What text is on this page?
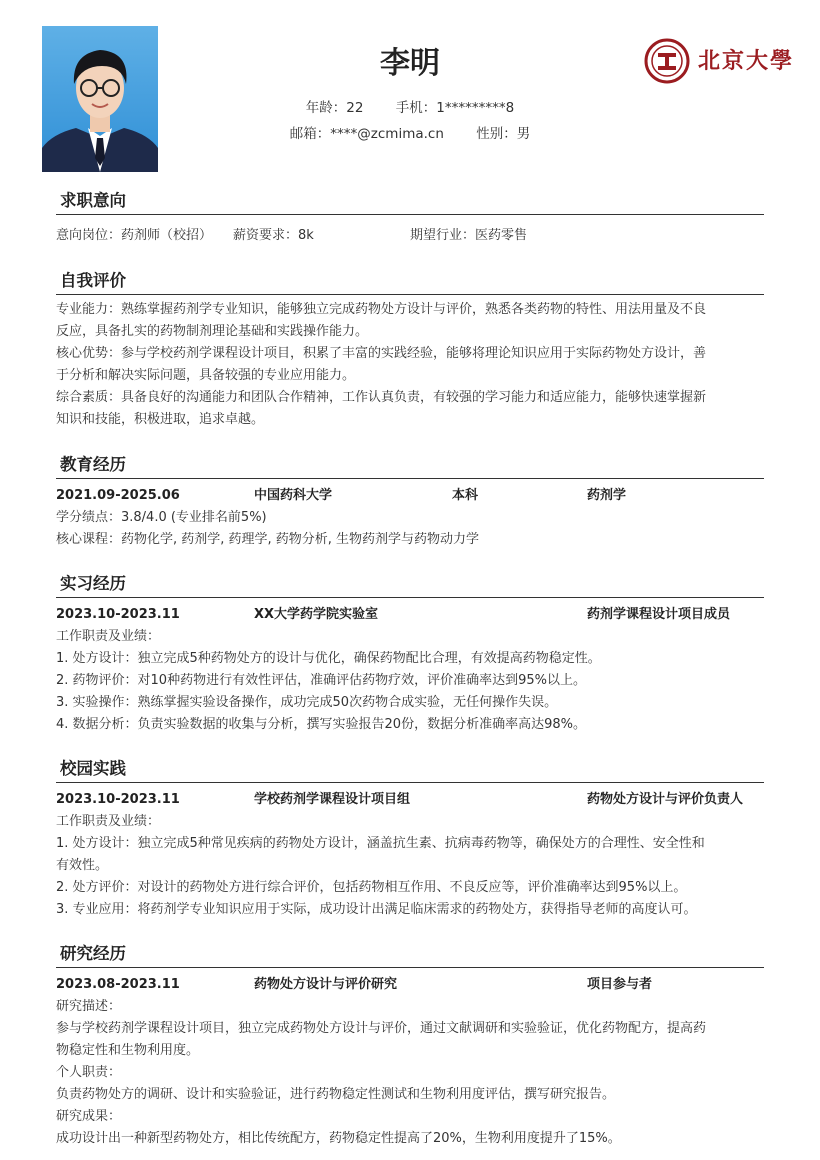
李明
年龄：22 手机：1*********8
邮箱：****@zcmima.cn 性别：男
北京大學
求职意向
意向岗位：药剂师（校招） 薪资要求：8k	期望行业：医药零售
自我评价
专业能力：熟练掌握药剂学专业知识，能够独立完成药物处方设计与评价，熟悉各类药物的特性、用法用量及不良
反应，具备扎实的药物制剂理论基础和实践操作能力。
核心优势：参与学校药剂学课程设计项目，积累了丰富的实践经验，能够将理论知识应用于实际药物处方设计，善
于分析和解决实际问题，具备较强的专业应用能力。
综合素质：具备良好的沟通能力和团队合作精神，工作认真负责，有较强的学习能力和适应能力，能够快速掌握新
知识和技能，积极进取，追求卓越。
教育经历
2021.09-2025.06	中国药科大学	本科	药剂学
学分绩点：3.8/4.0 (专业排名前5%)
核心课程：药物化学, 药剂学, 药理学, 药物分析, 生物药剂学与药物动力学
实习经历
2023.10-2023.11	XX大学药学院实验室	药剂学课程设计项目成员
工作职责及业绩：
1. 处方设计：独立完成5种药物处方的设计与优化，确保药物配比合理，有效提高药物稳定性。
2. 药物评价：对10种药物进行有效性评估，准确评估药物疗效，评价准确率达到95%以上。
3. 实验操作：熟练掌握实验设备操作，成功完成50次药物合成实验，无任何操作失误。
4. 数据分析：负责实验数据的收集与分析，撰写实验报告20份，数据分析准确率高达98%。
校园实践
2023.10-2023.11	学校药剂学课程设计项目组	药物处方设计与评价负责人
工作职责及业绩：
1. 处方设计：独立完成5种常见疾病的药物处方设计，涵盖抗生素、抗病毒药物等，确保处方的合理性、安全性和
有效性。
2. 处方评价：对设计的药物处方进行综合评价，包括药物相互作用、不良反应等，评价准确率达到95%以上。
3. 专业应用：将药剂学专业知识应用于实际，成功设计出满足临床需求的药物处方，获得指导老师的高度认可。
研究经历
2023.08-2023.11	药物处方设计与评价研究	项目参与者
研究描述：
参与学校药剂学课程设计项目，独立完成药物处方设计与评价，通过文献调研和实验验证，优化药物配方，提高药
物稳定性和生物利用度。
个人职责：
负责药物处方的调研、设计和实验验证，进行药物稳定性测试和生物利用度评估，撰写研究报告。
研究成果：
成功设计出一种新型药物处方，相比传统配方，药物稳定性提高了20%，生物利用度提升了15%。
